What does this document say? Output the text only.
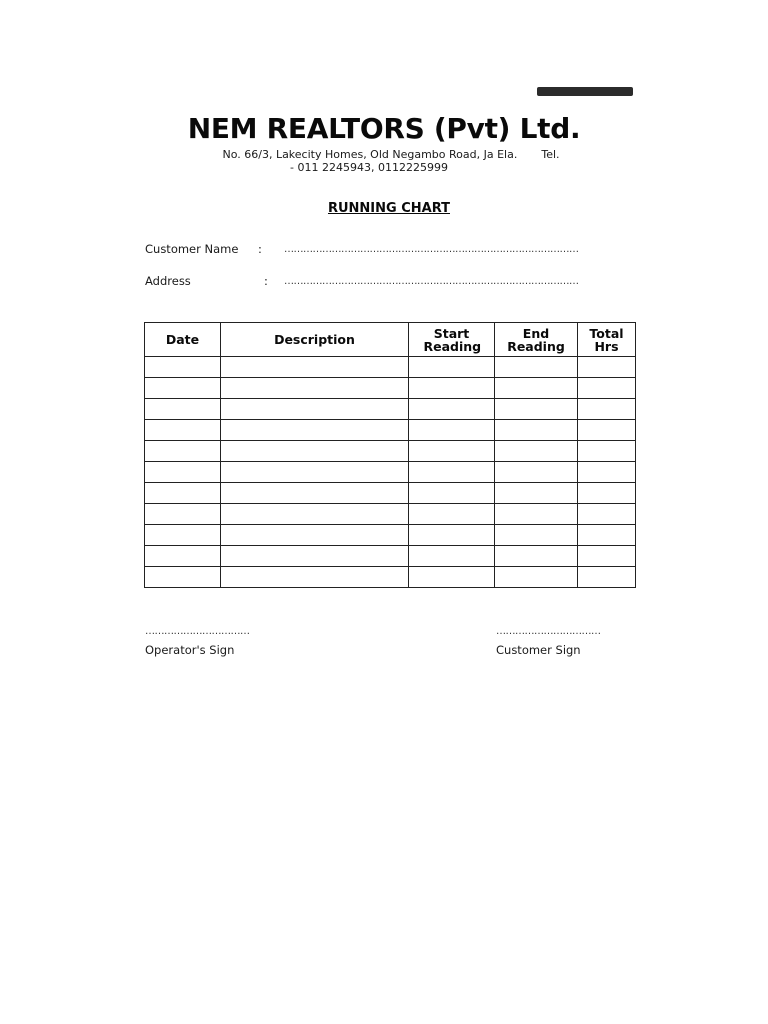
NEM REALTORS (Pvt) Ltd.
No. 66/3, Lakecity Homes, Old Negambo Road, Ja Ela. Tel.
- 011 2245943, 0112225999
RUNNING CHART
Customer Name : …………………………………………………………………………………
Address	: …………………………………………………………………………………
Date	Description	Start Reading	End Reading	Total Hrs

……………………………
Operator's Sign
……………………………
Customer Sign
